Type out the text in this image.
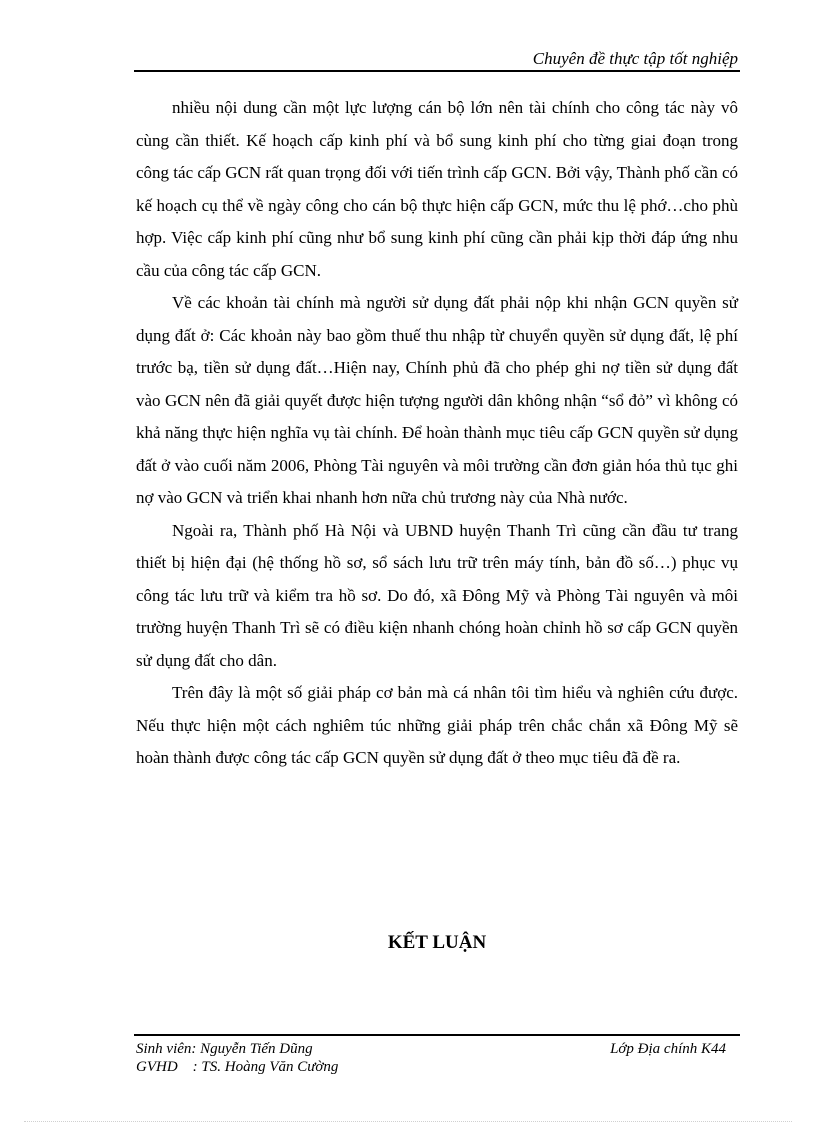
Chuyên đề thực tập tốt nghiệp

nhiều nội dung cần một lực lượng cán bộ lớn nên tài chính cho công tác này vô cùng cần thiết. Kế hoạch cấp kinh phí và bổ sung kinh phí cho từng giai đoạn trong công tác cấp GCN rất quan trọng đối với tiến trình cấp GCN. Bởi vậy, Thành phố cần có kế hoạch cụ thể về ngày công cho cán bộ thực hiện cấp GCN, mức thu lệ phớ…cho phù hợp. Việc cấp kinh phí cũng như bổ sung kinh phí cũng cần phải kịp thời đáp ứng nhu cầu của công tác cấp GCN.

Về các khoản tài chính mà người sử dụng đất phải nộp khi nhận GCN quyền sử dụng đất ở: Các khoản này bao gồm thuế thu nhập từ chuyển quyền sử dụng đất, lệ phí trước bạ, tiền sử dụng đất…Hiện nay, Chính phủ đã cho phép ghi nợ tiền sử dụng đất vào GCN nên đã giải quyết được hiện tượng người dân không nhận “sổ đỏ” vì không có khả năng thực hiện nghĩa vụ tài chính. Để hoàn thành mục tiêu cấp GCN quyền sử dụng đất ở vào cuối năm 2006, Phòng Tài nguyên và môi trường cần đơn giản hóa thủ tục ghi nợ vào GCN và triển khai nhanh hơn nữa chủ trương này của Nhà nước.

Ngoài ra, Thành phố Hà Nội và UBND huyện Thanh Trì cũng cần đầu tư trang thiết bị hiện đại (hệ thống hồ sơ, sổ sách lưu trữ trên máy tính, bản đồ số…) phục vụ công tác lưu trữ và kiểm tra hồ sơ. Do đó, xã Đông Mỹ và Phòng Tài nguyên và môi trường huyện Thanh Trì sẽ có điều kiện nhanh chóng hoàn chỉnh hồ sơ cấp GCN quyền sử dụng đất cho dân.

Trên đây là một số giải pháp cơ bản mà cá nhân tôi tìm hiểu và nghiên cứu được. Nếu thực hiện một cách nghiêm túc những giải pháp trên chắc chắn xã Đông Mỹ sẽ hoàn thành được công tác cấp GCN quyền sử dụng đất ở theo mục tiêu đã đề ra.

KẾT LUẬN
Sinh viên: Nguyễn Tiến Dũng	Lớp Địa chính K44
GVHD    : TS. Hoàng Văn Cường
